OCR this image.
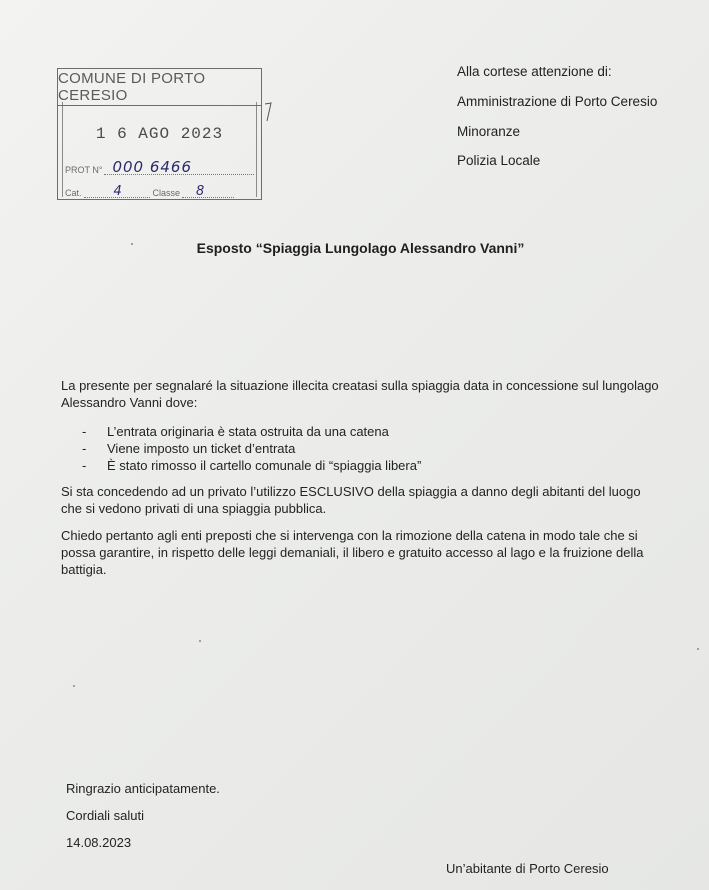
COMUNE DI PORTO CERESIO
1 6 AGO 2023
PROT N° 000 6466
Cat. 4	Classe 8
Alla cortese attenzione di:
Amministrazione di Porto Ceresio
Minoranze
Polizia Locale
Esposto “Spiaggia Lungolago Alessandro Vanni”
La presente per segnalaré la situazione illecita creatasi sulla spiaggia data in concessione sul lungolago Alessandro Vanni dove:
-	L’entrata originaria è stata ostruita da una catena
-	Viene imposto un ticket d’entrata
-	È stato rimosso il cartello comunale di “spiaggia libera”
Si sta concedendo ad un privato l’utilizzo ESCLUSIVO della spiaggia a danno degli abitanti del luogo che si vedono privati di una spiaggia pubblica.
Chiedo pertanto agli enti preposti che si intervenga con la rimozione della catena in modo tale che si possa garantire, in rispetto delle leggi demaniali, il libero e gratuito accesso al lago e la fruizione della battigia.
Ringrazio anticipatamente.
Cordiali saluti
14.08.2023
Un’abitante di Porto Ceresio
